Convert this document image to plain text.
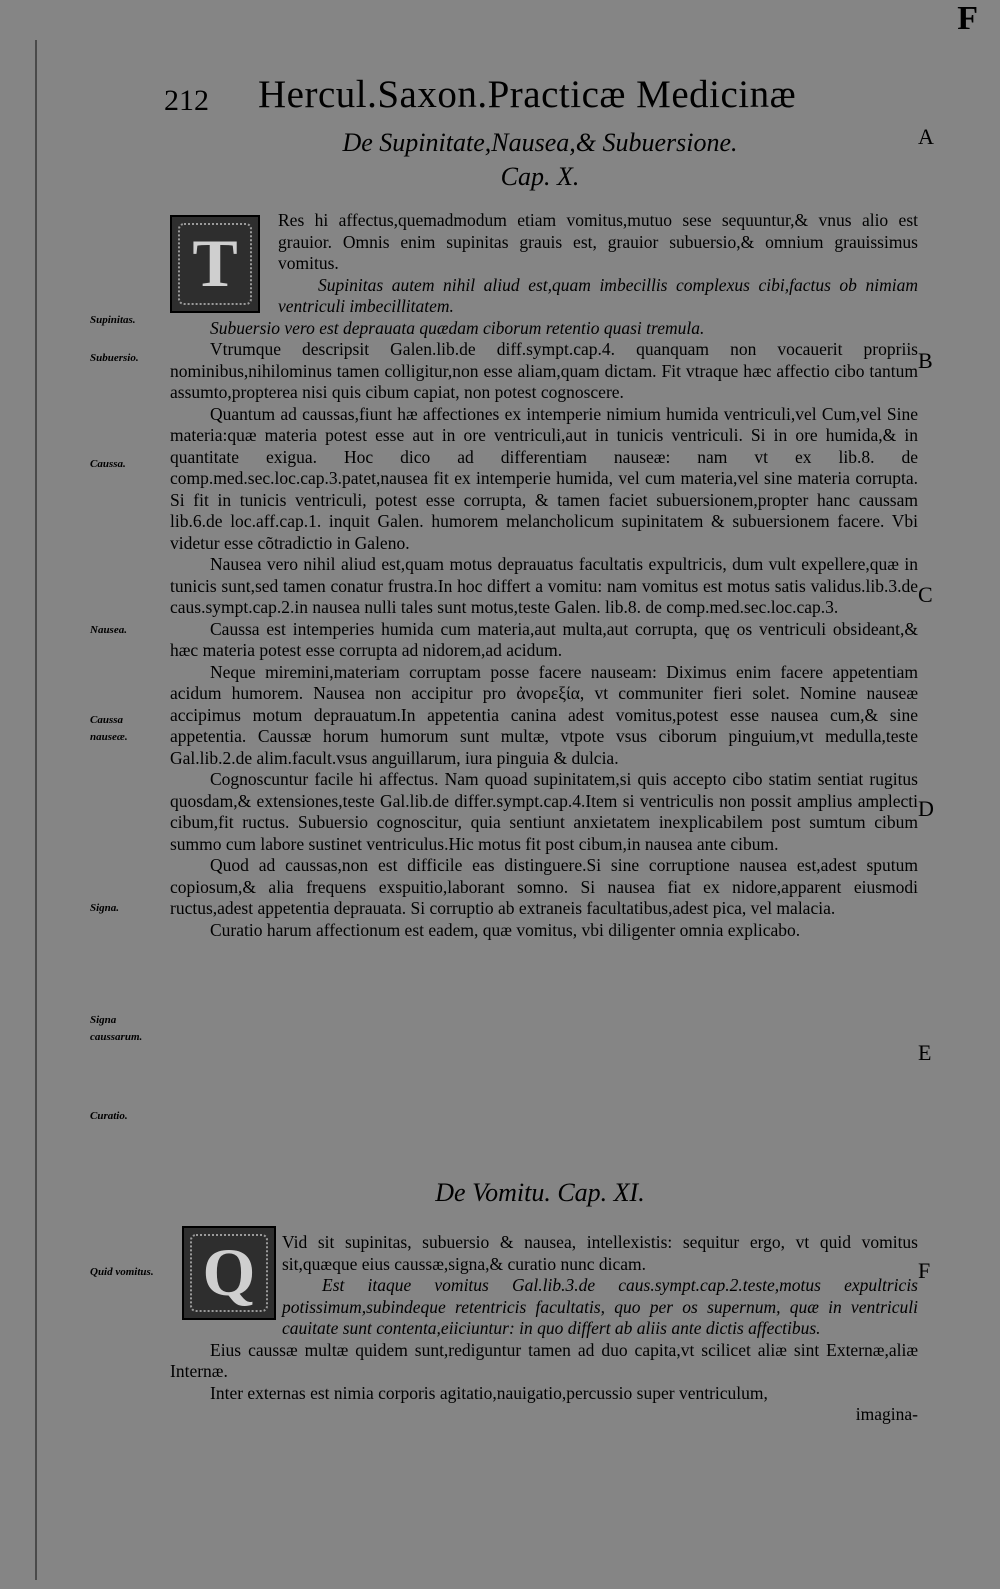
F
212 Hercul.Saxon.Practicæ Medicinæ
De Supinitate,Nausea,& Subuersione.
Cap. X.
A
B
C
D
E
F
Supinitas.
Subuersio.
Caussa.
Nausea.
Caussa nauseæ.
Signa.
Signa caussarum.
Curatio.
Quid vomitus.
T

Res hi affectus,quemadmodum etiam vomitus,mutuo sese sequuntur,& vnus alio est grauior. Omnis enim supinitas grauis est, grauior subuersio,& omnium grauissimus vomitus.

Supinitas autem nihil aliud est,quam imbecillis complexus cibi,factus ob nimiam ventriculi imbecillitatem.

Subuersio vero est deprauata quædam ciborum retentio quasi tremula.

Vtrumque descripsit Galen.lib.de diff.sympt.cap.4. quanquam non vocauerit propriis nominibus,nihilominus tamen colligitur,non esse aliam,quam dictam. Fit vtraque hæc affectio cibo tantum assumto,propterea nisi quis cibum capiat, non potest cognoscere.

Quantum ad caussas,fiunt hæ affectiones ex intemperie nimium humida ventriculi,vel Cum,vel Sine materia:quæ materia potest esse aut in ore ventriculi,aut in tunicis ventriculi. Si in ore humida,& in quantitate exigua. Hoc dico ad differentiam nauseæ: nam vt ex lib.8. de comp.med.sec.loc.cap.3.patet,nausea fit ex intemperie humida, vel cum materia,vel sine materia corrupta. Si fit in tunicis ventriculi, potest esse corrupta, & tamen faciet subuersionem,propter hanc caussam lib.6.de loc.aff.cap.1. inquit Galen. humorem melancholicum supinitatem & subuersionem facere. Vbi videtur esse cõtradictio in Galeno.

Nausea vero nihil aliud est,quam motus deprauatus facultatis expultricis, dum vult expellere,quæ in tunicis sunt,sed tamen conatur frustra.In hoc differt a vomitu: nam vomitus est motus satis validus.lib.3.de caus.sympt.cap.2.in nausea nulli tales sunt motus,teste Galen. lib.8. de comp.med.sec.loc.cap.3.

Caussa est intemperies humida cum materia,aut multa,aut corrupta, quę os ventriculi obsideant,& hæc materia potest esse corrupta ad nidorem,ad acidum.

Neque miremini,materiam corruptam posse facere nauseam: Diximus enim facere appetentiam acidum humorem. Nausea non accipitur pro ἀνορεξία, vt communiter fieri solet. Nomine nauseæ accipimus motum deprauatum.In appetentia canina adest vomitus,potest esse nausea cum,& sine appetentia. Caussæ horum humorum sunt multæ, vtpote vsus ciborum pinguium,vt medulla,teste Gal.lib.2.de alim.facult.vsus anguillarum, iura pinguia & dulcia.

Cognoscuntur facile hi affectus. Nam quoad supinitatem,si quis accepto cibo statim sentiat rugitus quosdam,& extensiones,teste Gal.lib.de differ.sympt.cap.4.Item si ventriculis non possit amplius amplecti cibum,fit ructus. Subuersio cognoscitur, quia sentiunt anxietatem inexplicabilem post sumtum cibum summo cum labore sustinet ventriculus.Hic motus fit post cibum,in nausea ante cibum.

Quod ad caussas,non est difficile eas distinguere.Si sine corruptione nausea est,adest sputum copiosum,& alia frequens exspuitio,laborant somno. Si nausea fiat ex nidore,apparent eiusmodi ructus,adest appetentia deprauata. Si corruptio ab extraneis facultatibus,adest pica, vel malacia.

Curatio harum affectionum est eadem, quæ vomitus, vbi diligenter omnia explicabo.

De Vomitu. Cap. XI.
Q	Vid sit supinitas, subuersio & nausea, intellexistis: sequitur ergo, vt quid vomitus sit,quæque eius caussæ,signa,& curatio nunc dicam.

Est itaque vomitus Gal.lib.3.de caus.sympt.cap.2.teste,motus expultricis potissimum,subindeque retentricis facultatis, quo per os supernum, quæ in ventriculi cauitate sunt contenta,eiiciuntur: in quo differt ab aliis ante dictis affectibus.

Eius caussæ multæ quidem sunt,rediguntur tamen ad duo capita,vt scilicet aliæ sint Externæ,aliæ Internæ.

Inter externas est nimia corporis agitatio,nauigatio,percussio super ventriculum,

imagina-
